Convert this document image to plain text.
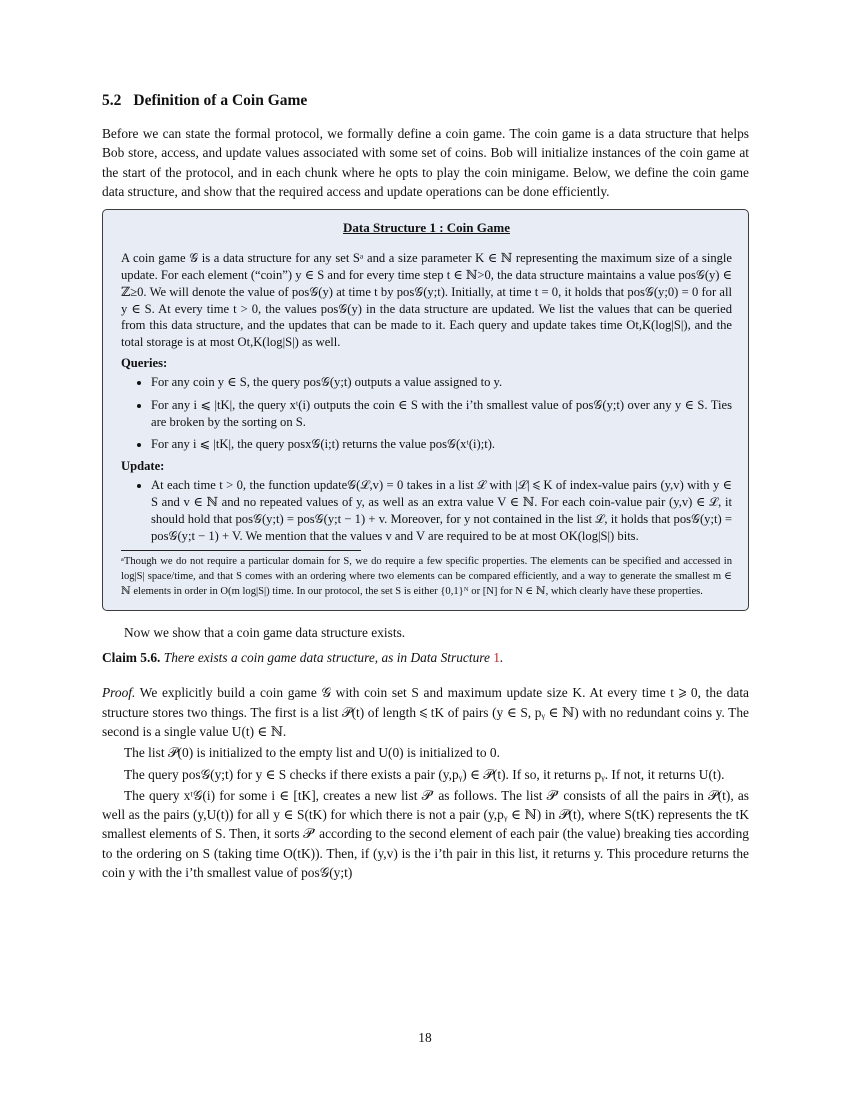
5.2 Definition of a Coin Game

Before we can state the formal protocol, we formally define a coin game. The coin game is a data structure that helps Bob store, access, and update values associated with some set of coins. Bob will initialize instances of the coin game at the start of the protocol, and in each chunk where he opts to play the coin minigame. Below, we define the coin game data structure, and show that the required access and update operations can be done efficiently.

Data Structure 1 : Coin Game

A coin game 𝒢 is a data structure for any set Sᵃ and a size parameter K ∈ ℕ representing the maximum size of a single update. For each element (“coin”) y ∈ S and for every time step t ∈ ℕ>0, the data structure maintains a value pos𝒢(y) ∈ ℤ≥0. We will denote the value of pos𝒢(y) at time t by pos𝒢(y;t). Initially, at time t = 0, it holds that pos𝒢(y;0) = 0 for all y ∈ S. At every time t > 0, the values pos𝒢(y) in the data structure are updated. We list the values that can be queried from this data structure, and the updates that can be made to it. Each query and update takes time Ot,K(log|S|), and the total storage is at most Ot,K(log|S|) as well.

Queries:
• For any coin y ∈ S, the query pos𝒢(y;t) outputs a value assigned to y.
• For any i ⩽ |tK|, the query xᵗ(i) outputs the coin ∈ S with the i’th smallest value of pos𝒢(y;t) over any y ∈ S. Ties are broken by the sorting on S.
• For any i ⩽ |tK|, the query posx𝒢(i;t) returns the value pos𝒢(xᵗ(i);t).
Update:
• At each time t > 0, the function update𝒢(ℒ,v) = 0 takes in a list ℒ with |ℒ| ⩽ K of index-value pairs (y,v) with y ∈ S and v ∈ ℕ and no repeated values of y, as well as an extra value V ∈ ℕ. For each coin-value pair (y,v) ∈ ℒ, it should hold that pos𝒢(y;t) = pos𝒢(y;t − 1) + v. Moreover, for y not contained in the list ℒ, it holds that pos𝒢(y;t) = pos𝒢(y;t − 1) + V. We mention that the values v and V are required to be at most OK(log|S|) bits.

ᵃThough we do not require a particular domain for S, we do require a few specific properties. The elements can be specified and accessed in log|S| space/time, and that S comes with an ordering where two elements can be compared efficiently, and a way to generate the smallest m ∈ ℕ elements in order in O(m log|S|) time. In our protocol, the set S is either {0,1}ᴺ or [N] for N ∈ ℕ, which clearly have these properties.

Now we show that a coin game data structure exists.

Claim 5.6. There exists a coin game data structure, as in Data Structure 1.

Proof. We explicitly build a coin game 𝒢 with coin set S and maximum update size K. At every time t ⩾ 0, the data structure stores two things. The first is a list 𝒫(t) of length ⩽ tK of pairs (y ∈ S, pᵧ ∈ ℕ) with no redundant coins y. The second is a single value U(t) ∈ ℕ.

The list 𝒫(0) is initialized to the empty list and U(0) is initialized to 0.

The query pos𝒢(y;t) for y ∈ S checks if there exists a pair (y,pᵧ) ∈ 𝒫(t). If so, it returns pᵧ. If not, it returns U(t).

The query xᵗ𝒢(i) for some i ∈ [tK], creates a new list 𝒫′ as follows. The list 𝒫′ consists of all the pairs in 𝒫(t), as well as the pairs (y,U(t)) for all y ∈ S(tK) for which there is not a pair (y,pᵧ ∈ ℕ) in 𝒫(t), where S(tK) represents the tK smallest elements of S. Then, it sorts 𝒫′ according to the second element of each pair (the value) breaking ties according to the ordering on S (taking time O(tK)). Then, if (y,v) is the i’th pair in this list, it returns y. This procedure returns the coin y with the i’th smallest value of pos𝒢(y;t)

18
